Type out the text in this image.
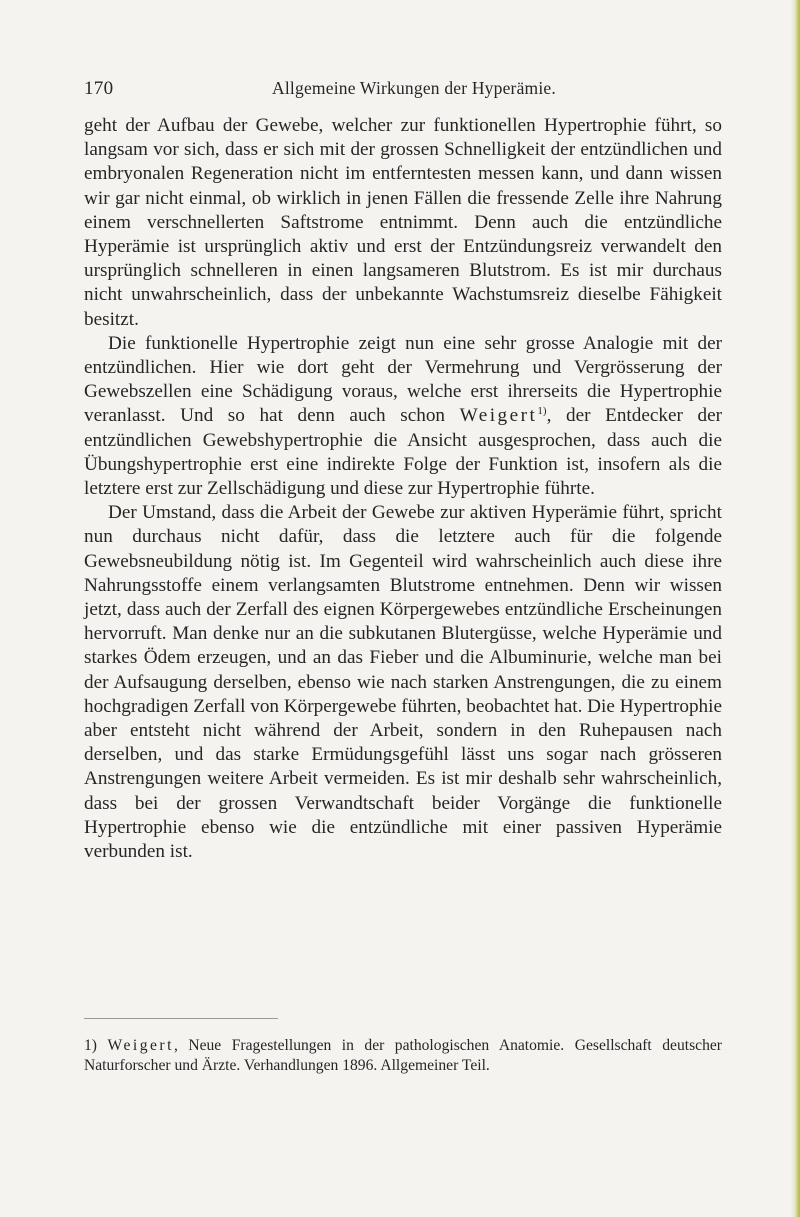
170	Allgemeine Wirkungen der Hyperämie.

geht der Aufbau der Gewebe, welcher zur funktionellen Hypertrophie führt, so langsam vor sich, dass er sich mit der grossen Schnelligkeit der entzündlichen und embryonalen Regeneration nicht im entferntesten messen kann, und dann wissen wir gar nicht einmal, ob wirklich in jenen Fällen die fressende Zelle ihre Nahrung einem verschnellerten Saftstrome entnimmt. Denn auch die entzündliche Hyperämie ist ursprünglich aktiv und erst der Entzündungsreiz verwandelt den ursprünglich schnelleren in einen langsameren Blutstrom. Es ist mir durchaus nicht unwahrscheinlich, dass der unbekannte Wachstumsreiz dieselbe Fähigkeit besitzt.

Die funktionelle Hypertrophie zeigt nun eine sehr grosse Analogie mit der entzündlichen. Hier wie dort geht der Vermehrung und Vergrösserung der Gewebszellen eine Schädigung voraus, welche erst ihrerseits die Hypertrophie veranlasst. Und so hat denn auch schon Weigert$^{1)}$, der Entdecker der entzündlichen Gewebshypertrophie die Ansicht ausgesprochen, dass auch die Übungshypertrophie erst eine indirekte Folge der Funktion ist, insofern als die letztere erst zur Zellschädigung und diese zur Hypertrophie führte.

Der Umstand, dass die Arbeit der Gewebe zur aktiven Hyperämie führt, spricht nun durchaus nicht dafür, dass die letztere auch für die folgende Gewebsneubildung nötig ist. Im Gegenteil wird wahrscheinlich auch diese ihre Nahrungsstoffe einem verlangsamten Blutstrome entnehmen. Denn wir wissen jetzt, dass auch der Zerfall des eignen Körpergewebes entzündliche Erscheinungen hervorruft. Man denke nur an die subkutanen Blutergüsse, welche Hyperämie und starkes Ödem erzeugen, und an das Fieber und die Albuminurie, welche man bei der Aufsaugung derselben, ebenso wie nach starken Anstrengungen, die zu einem hochgradigen Zerfall von Körpergewebe führten, beobachtet hat. Die Hypertrophie aber entsteht nicht während der Arbeit, sondern in den Ruhepausen nach derselben, und das starke Ermüdungsgefühl lässt uns sogar nach grösseren Anstrengungen weitere Arbeit vermeiden. Es ist mir deshalb sehr wahrscheinlich, dass bei der grossen Verwandtschaft beider Vorgänge die funktionelle Hypertrophie ebenso wie die entzündliche mit einer passiven Hyperämie verbunden ist.

1) Weigert, Neue Fragestellungen in der pathologischen Anatomie. Gesellschaft deutscher Naturforscher und Ärzte. Verhandlungen 1896. Allgemeiner Teil.
